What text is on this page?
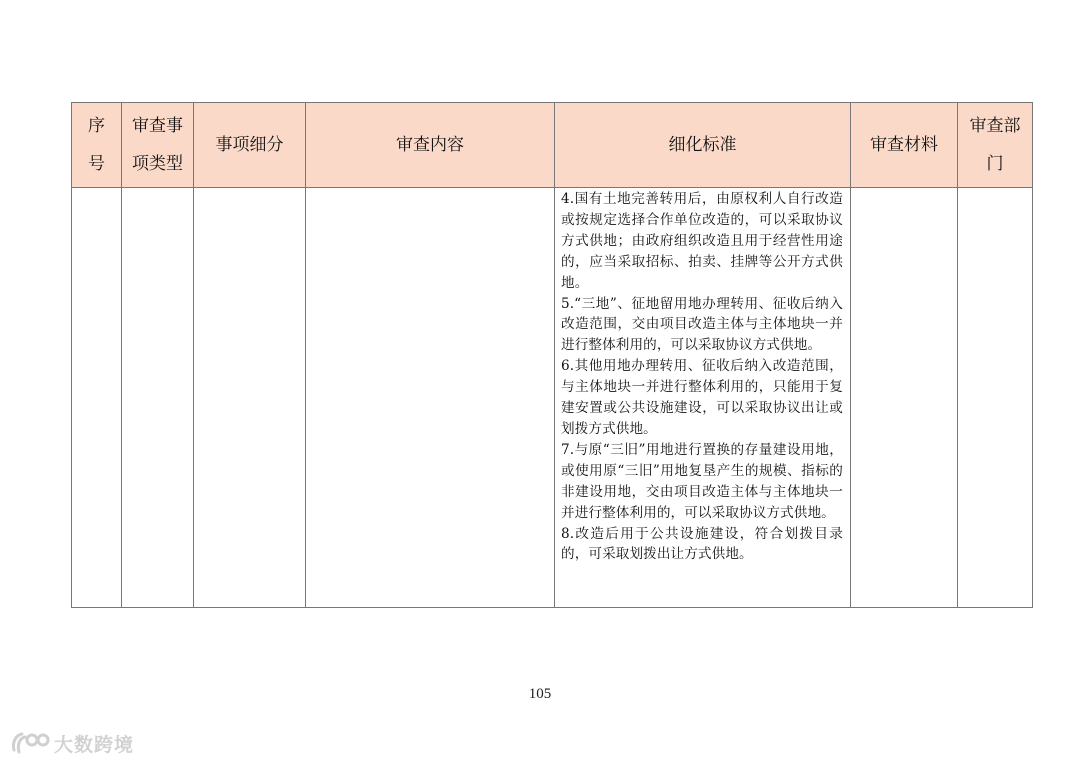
序号	审查事项类型	事项细分	审查内容	细化标准	审查材料	审查部门

				4.国有土地完善转用后，由原权利人自行改造或按规定选择合作单位改造的，可以采取协议方式供地；由政府组织改造且用于经营性用途的，应当采取招标、拍卖、挂牌等公开方式供地。

5.“三地”、征地留用地办理转用、征收后纳入改造范围，交由项目改造主体与主体地块一并进行整体利用的，可以采取协议方式供地。

6.其他用地办理转用、征收后纳入改造范围，与主体地块一并进行整体利用的，只能用于复建安置或公共设施建设，可以采取协议出让或划拨方式供地。

7.与原“三旧”用地进行置换的存量建设用地，或使用原“三旧”用地复垦产生的规模、指标的非建设用地，交由项目改造主体与主体地块一并进行整体利用的，可以采取协议方式供地。

8.改造后用于公共设施建设，符合划拨目录的，可采取划拨出让方式供地。		

105
大数跨境
